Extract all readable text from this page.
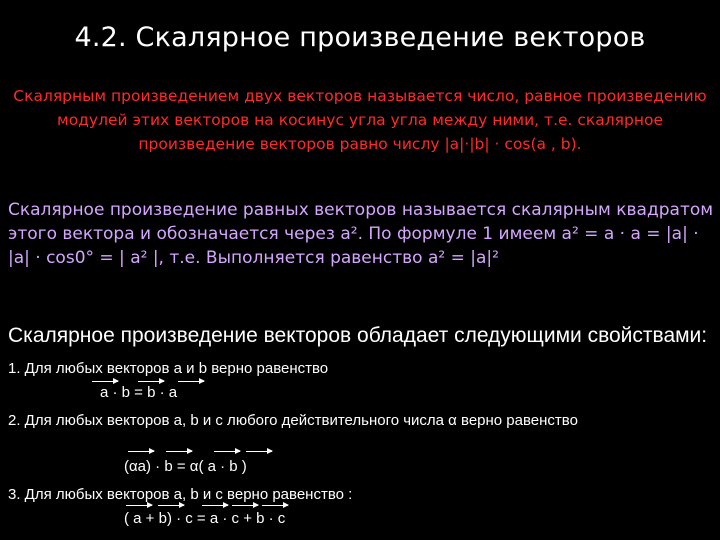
4.2. Скалярное произведение векторов
Скалярным произведением двух векторов называется число, равное произведению модулей этих векторов на косинус угла угла между ними, т.е. скалярное произведение векторов равно числу |a|·|b| · cos(a , b).
Скалярное произведение равных векторов называется скалярным квадратом этого вектора и обозначается через a². По формуле 1 имеем a² = a · a = |a| · |a| · cos0° = | a² |, т.е. Выполняется равенство a² = |a|²
Скалярное произведение векторов обладает следующими свойствами:
1. Для любых векторов а и b верно равенство
a · b = b · a
2. Для любых векторов а, b и с любого действительного числа α верно равенство
(αa) · b = α( a · b )
3. Для любых векторов а, b и с верно равенство :
( a + b) · c = a · c + b · c
